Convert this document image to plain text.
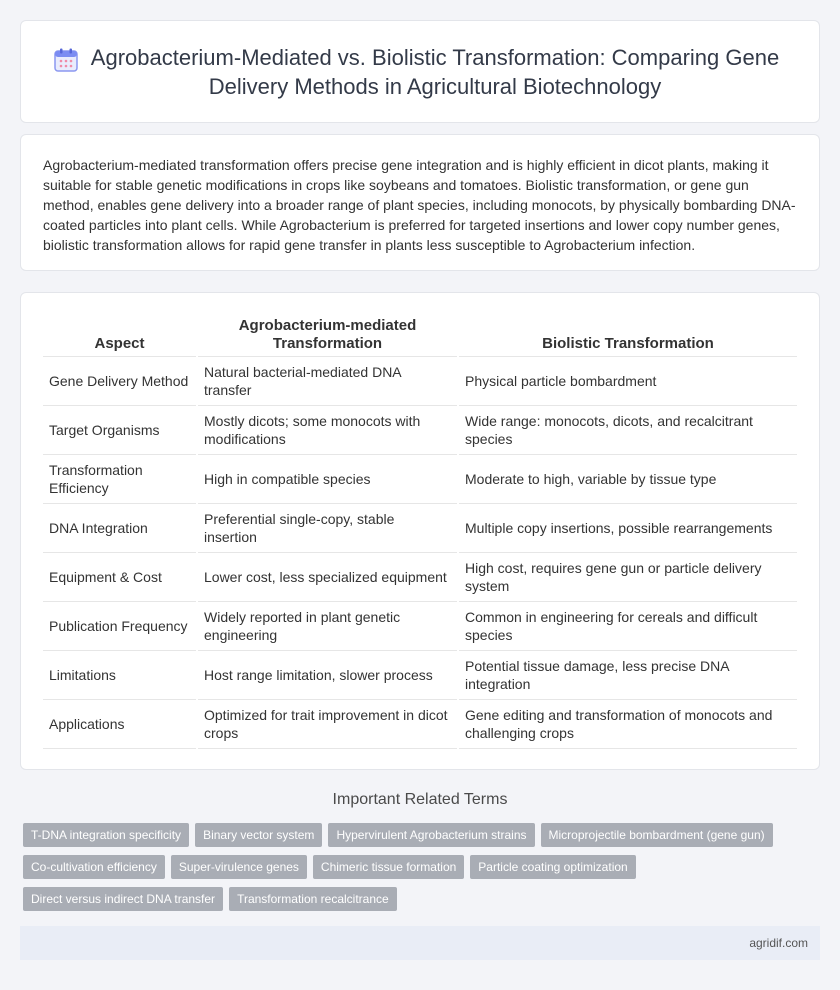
Agrobacterium-Mediated vs. Biolistic Transformation: Comparing Gene Delivery Methods in Agricultural Biotechnology

Agrobacterium-mediated transformation offers precise gene integration and is highly efficient in dicot plants, making it suitable for stable genetic modifications in crops like soybeans and tomatoes. Biolistic transformation, or gene gun method, enables gene delivery into a broader range of plant species, including monocots, by physically bombarding DNA-coated particles into plant cells. While Agrobacterium is preferred for targeted insertions and lower copy number genes, biolistic transformation allows for rapid gene transfer in plants less susceptible to Agrobacterium infection.

Aspect	Agrobacterium-mediated Transformation	Biolistic Transformation
Gene Delivery Method	Natural bacterial-mediated DNA transfer	Physical particle bombardment
Target Organisms	Mostly dicots; some monocots with modifications	Wide range: monocots, dicots, and recalcitrant species
Transformation Efficiency	High in compatible species	Moderate to high, variable by tissue type
DNA Integration	Preferential single-copy, stable insertion	Multiple copy insertions, possible rearrangements
Equipment & Cost	Lower cost, less specialized equipment	High cost, requires gene gun or particle delivery system
Publication Frequency	Widely reported in plant genetic engineering	Common in engineering for cereals and difficult species
Limitations	Host range limitation, slower process	Potential tissue damage, less precise DNA integration
Applications	Optimized for trait improvement in dicot crops	Gene editing and transformation of monocots and challenging crops
Important Related Terms
T-DNA integration specificity	Binary vector system	Hypervirulent Agrobacterium strains	Microprojectile bombardment (gene gun)
Co-cultivation efficiency	Super-virulence genes	Chimeric tissue formation	Particle coating optimization
Direct versus indirect DNA transfer	Transformation recalcitrance
agridif.com
